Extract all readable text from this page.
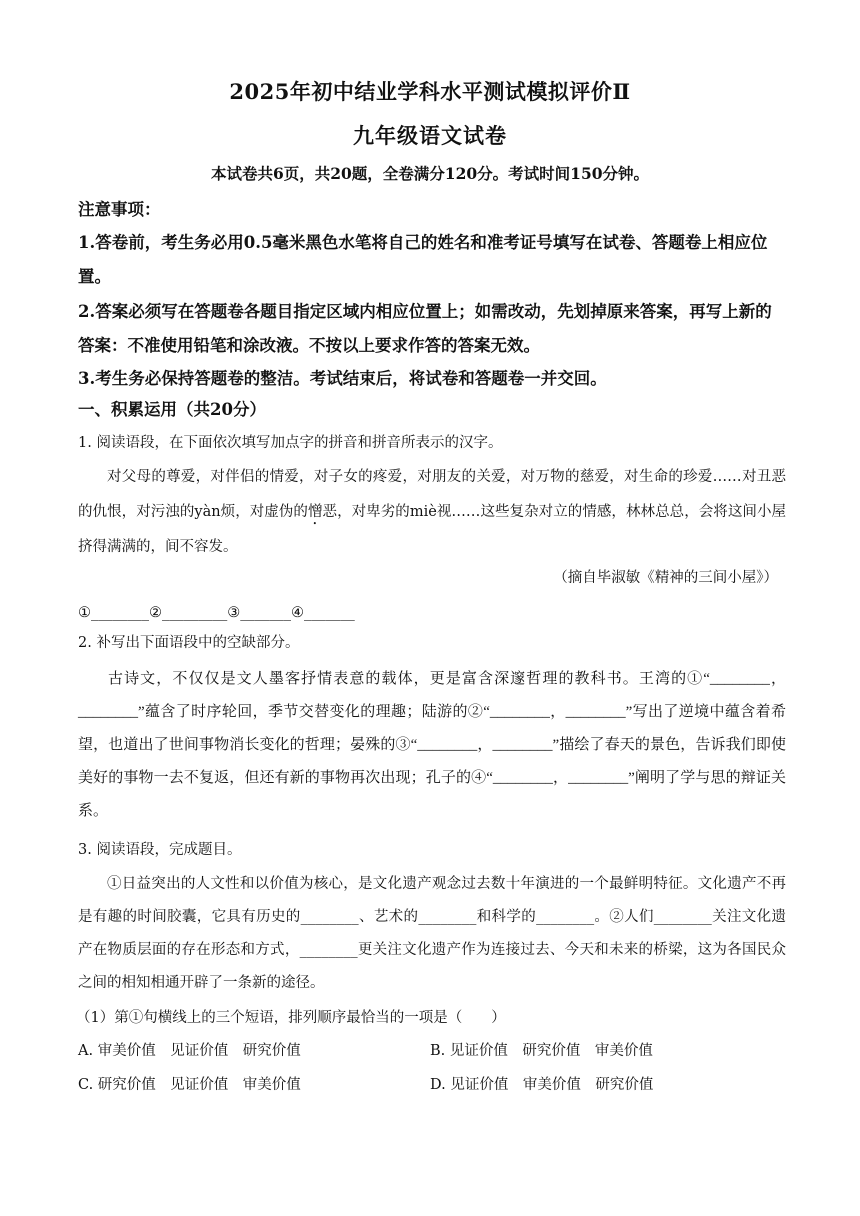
2025年初中结业学科水平测试模拟评价Ⅱ
九年级语文试卷
本试卷共6页，共20题，全卷满分120分。考试时间150分钟。
注意事项：
1.答卷前，考生务必用0.5毫米黑色水笔将自己的姓名和准考证号填写在试卷、答题卷上相应位置。
2.答案必须写在答题卷各题目指定区域内相应位置上；如需改动，先划掉原来答案，再写上新的答案：不准使用铅笔和涂改液。不按以上要求作答的答案无效。
3.考生务必保持答题卷的整洁。考试结束后，将试卷和答题卷一并交回。
一、积累运用（共20分）
1. 阅读语段，在下面依次填写加点字的拼音和拼音所表示的汉字。
对父母的尊爱，对伴侣的情爱，对子女的疼爱，对朋友的关爱，对万物的慈爱，对生命的珍爱……对丑恶的仇恨，对污浊的yàn烦，对虚伪的憎恶，对卑劣的miè视……这些复杂对立的情感，林林总总，会将这间小屋挤得满满的，间不容发。
（摘自毕淑敏《精神的三间小屋》）
①________②_________③_______④_______
2. 补写出下面语段中的空缺部分。
古诗文，不仅仅是文人墨客抒情表意的载体，更是富含深邃哲理的教科书。王湾的①“________，________”蕴含了时序轮回，季节交替变化的理趣；陆游的②“________，________”写出了逆境中蕴含着希望，也道出了世间事物消长变化的哲理；晏殊的③“________，________”描绘了春天的景色，告诉我们即使美好的事物一去不复返，但还有新的事物再次出现；孔子的④“________，________”阐明了学与思的辩证关系。
3. 阅读语段，完成题目。
①日益突出的人文性和以价值为核心，是文化遗产观念过去数十年演进的一个最鲜明特征。文化遗产不再是有趣的时间胶囊，它具有历史的________、艺术的________和科学的________。②人们________关注文化遗产在物质层面的存在形态和方式，________更关注文化遗产作为连接过去、今天和未来的桥梁，这为各国民众之间的相知相通开辟了一条新的途径。
（1）第①句横线上的三个短语，排列顺序最恰当的一项是（　　）
A. 审美价值　见证价值　研究价值	B. 见证价值　研究价值　审美价值
C. 研究价值　见证价值　审美价值	D. 见证价值　审美价值　研究价值
